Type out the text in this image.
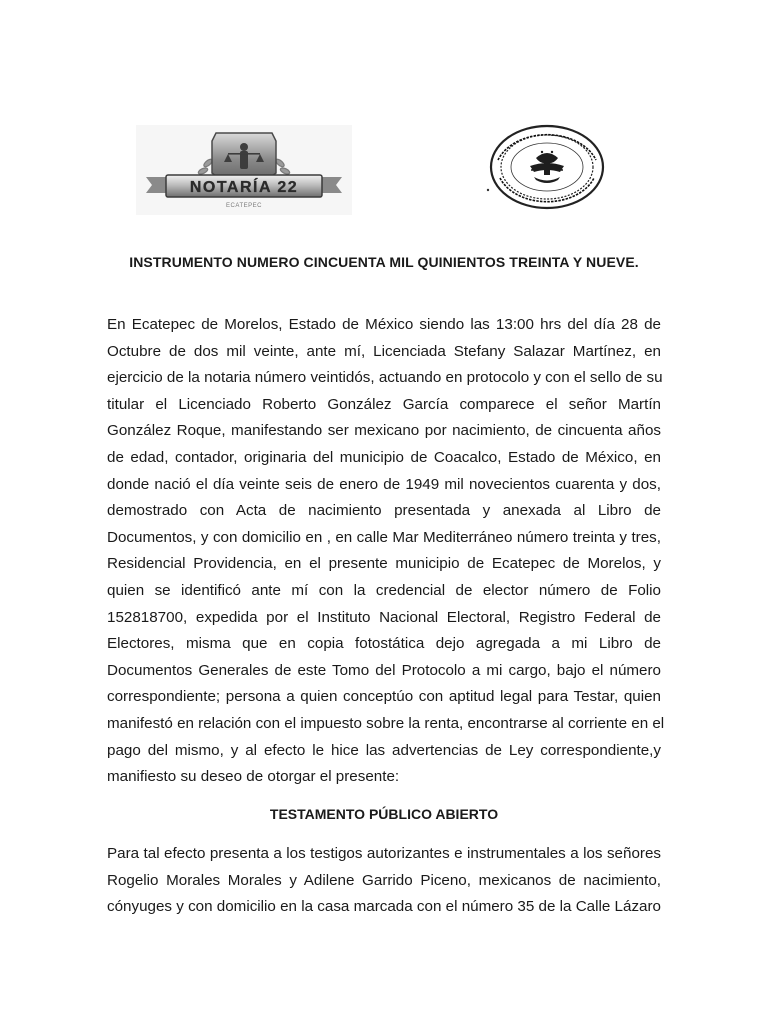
NOTARÍA 22
ECATEPEC
INSTRUMENTO NUMERO CINCUENTA MIL QUINIENTOS TREINTA Y NUEVE.
En Ecatepec de Morelos, Estado de México siendo las 13:00 hrs del día 28 de
Octubre de dos mil veinte, ante mí, Licenciada Stefany Salazar Martínez, en
ejercicio de la notaria número veintidós, actuando en protocolo y con el sello de su
titular el Licenciado Roberto González García comparece el señor Martín
González Roque, manifestando ser mexicano por nacimiento, de cincuenta años
de edad, contador, originaria del municipio de Coacalco, Estado de México, en
donde nació el día veinte seis de enero de 1949 mil novecientos cuarenta y dos,
demostrado con Acta de nacimiento presentada y anexada al Libro de
Documentos, y con domicilio en , en calle Mar Mediterráneo número treinta y tres,
Residencial Providencia, en el presente municipio de Ecatepec de Morelos, y
quien se identificó ante mí con la credencial de elector número de Folio
152818700, expedida por el Instituto Nacional Electoral, Registro Federal de
Electores, misma que en copia fotostática dejo agregada a mi Libro de
Documentos Generales de este Tomo del Protocolo a mi cargo, bajo el número
correspondiente; persona a quien conceptúo con aptitud legal para Testar, quien
manifestó en relación con el impuesto sobre la renta, encontrarse al corriente en el
pago del mismo, y al efecto le hice las advertencias de Ley correspondiente,y
manifiesto su deseo de otorgar el presente:
TESTAMENTO PÚBLICO ABIERTO
Para tal efecto presenta a los testigos autorizantes e instrumentales a los señores
Rogelio Morales Morales y Adilene Garrido Piceno, mexicanos de nacimiento,
cónyuges y con domicilio en la casa marcada con el número 35 de la Calle Lázaro
